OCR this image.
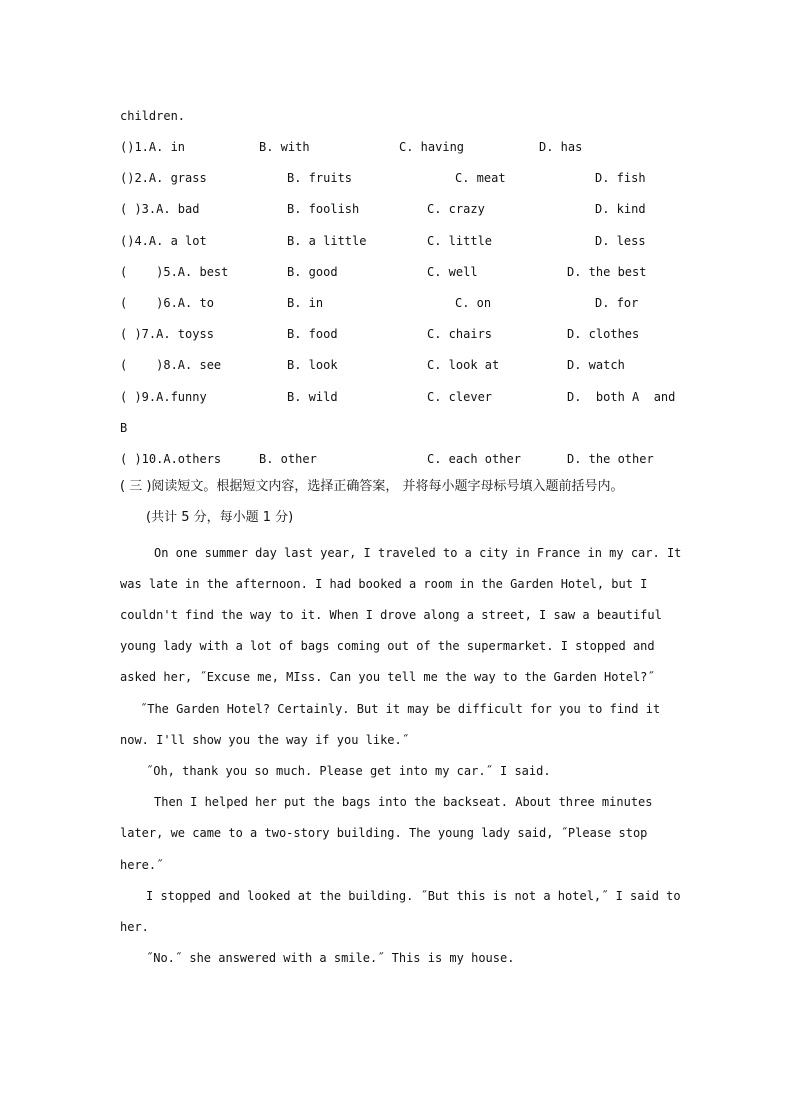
children.
()1.A. in	B. with	C. having	D. has
()2.A. grass	B. fruits	C. meat	D. fish
( )3.A. bad	B. foolish	C. crazy	D. kind
()4.A. a lot	B. a little	C. little	D. less
(    )5.A. best	B. good	C. well	D. the best
(    )6.A. to	B. in	C. on	D. for
( )7.A. toyss	B. food	C. chairs	D. clothes
(    )8.A. see	B. look	C. look at	D. watch
( )9.A.funny	B. wild	C. clever	D.  both A  and
B
( )10.A.others	B. other	C. each other	D. the other
( 三 )阅读短文。根据短文内容，选择正确答案， 并将每小题字母标号填入题前括号内。
(共计 5 分，每小题 1 分)
On one summer day last year, I traveled to a city in France in my car. It
was late in the afternoon. I had booked a room in the Garden Hotel, but I
couldn't find the way to it. When I drove along a street, I saw a beautiful
young lady with a lot of bags coming out of the supermarket. I stopped and
asked her, ˝Excuse me, MIss. Can you tell me the way to the Garden Hotel?˝
˝The Garden Hotel? Certainly. But it may be difficult for you to find it
now. I'll show you the way if you like.˝
˝Oh, thank you so much. Please get into my car.˝ I said.
Then I helped her put the bags into the backseat. About three minutes
later, we came to a two-story building. The young lady said, ˝Please stop
here.˝
I stopped and looked at the building. ˝But this is not a hotel,˝ I said to
her.
˝No.˝ she answered with a smile.˝ This is my house.
